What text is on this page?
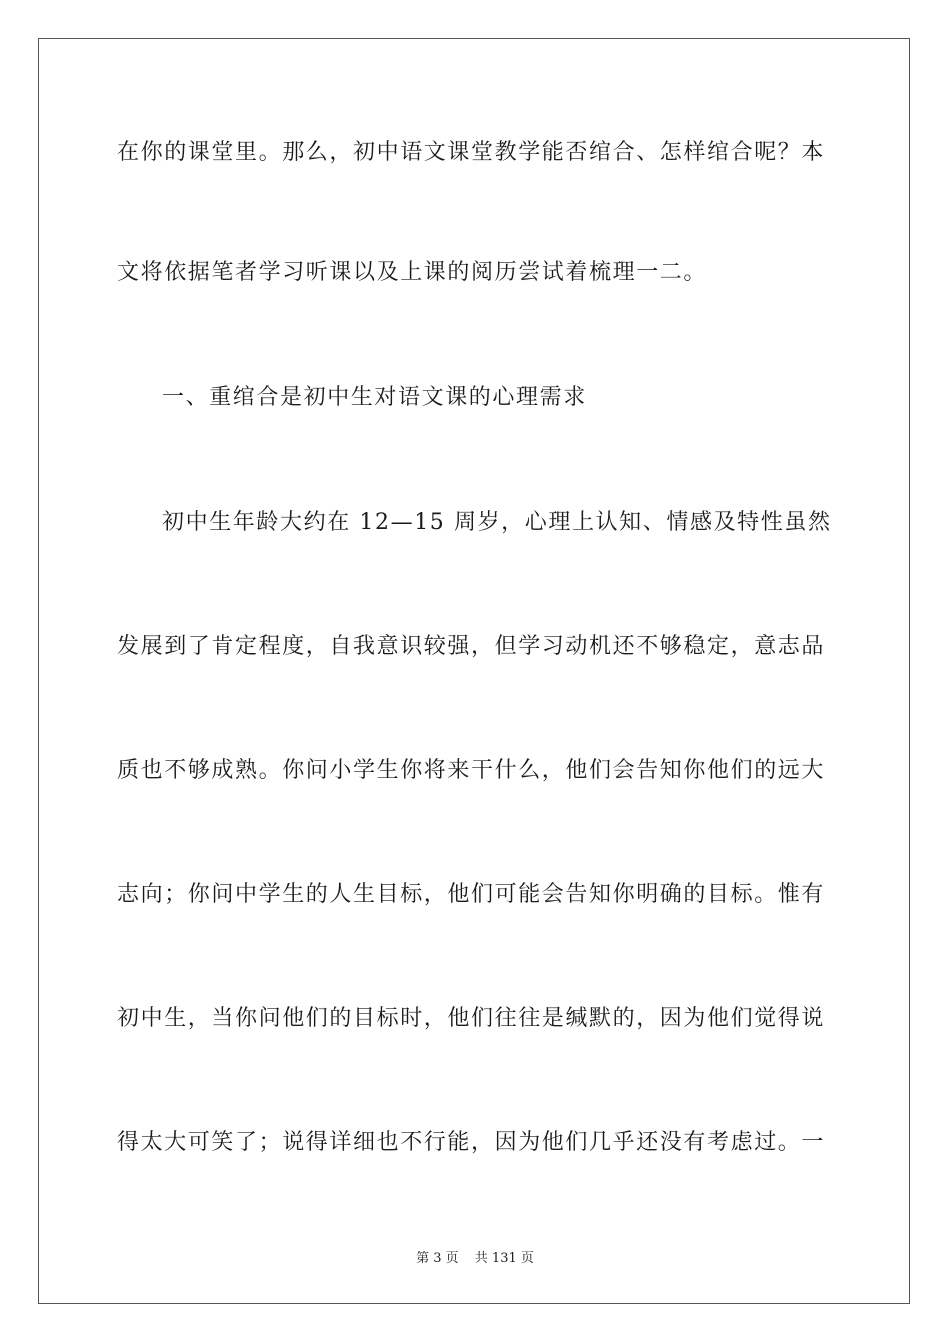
在你的课堂里。那么，初中语文课堂教学能否绾合、怎样绾合呢？本
文将依据笔者学习听课以及上课的阅历尝试着梳理一二。
一、重绾合是初中生对语文课的心理需求
初中生年龄大约在 12—15 周岁，心理上认知、情感及特性虽然
发展到了肯定程度，自我意识较强，但学习动机还不够稳定，意志品
质也不够成熟。你问小学生你将来干什么，他们会告知你他们的远大
志向；你问中学生的人生目标，他们可能会告知你明确的目标。惟有
初中生，当你问他们的目标时，他们往往是缄默的，因为他们觉得说
得太大可笑了；说得详细也不行能，因为他们几乎还没有考虑过。一
第 3 页 共 131 页
